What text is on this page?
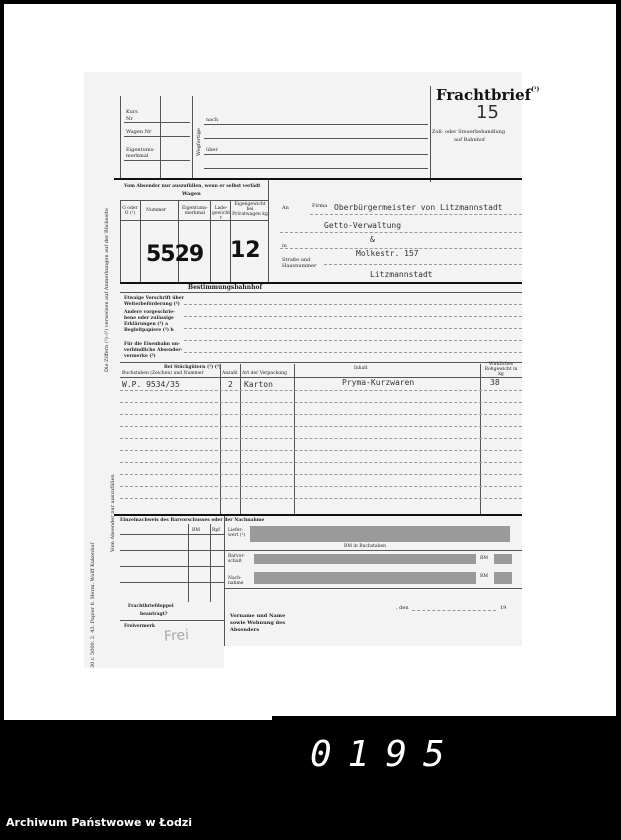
Kurs
Nr
Wagen Nr
Eigentums-
merkmal	Wegfertige
nach
über
Frachtbrief$^{(^1)}$
15
Zoll- oder Steuerbehandlung
auf Bahnhof
Vom Absender nur auszufüllen, wenn er selbst verlädt
Wagen
G oder O (¹)
Nummer	Eigentums-merkmal
Lade-gewicht t
Eigengewicht bei Privatwagen kg
5529 12
An	Firma Oberbürgermeister von Litzmannstadt
Getto-Verwaltung
&
in
Straße und
Hausnummer
Molkestr. 157
Litzmannstadt
Bestimmungsbahnhof
Etwaige Vorschrift über
Weiterbeförderung (²)
Andere vorgeschrie-
bene oder zulässige
Erklärungen (²) a
Begleitpapiere (²) b
Für die Eisenbahn un-
verbindliche Absender-
vermerke (²)
Bei Stückgütern (¹) (²)
Buchstaben (Zeichen) und Nummer	Anzahl Art der Verpackung
Inhalt
Wirkliches Rohgewicht in kg
W.P. 9534/35	2 Karton	Pryma-Kurzwaren	38
Einzelnachweis des Barvorschusses oder der Nachnahme
RM	Rpf Liefer-wert (²)
RM in Buchstaben
Barvor-schuß
RM
Nach-nahme
RM
Frachtbriefdoppel
beantragt?
Freivermerk
Frei
Vorname und Name
sowie Wohnung des
Absenders
, den	19
Die Ziffern (¹)–(⁵) verweisen auf Anmerkungen auf der Rückseite
Vom Absender nur auszufüllen
30 r. 5000. 2. 43. Papier 6. Herm. Wolff Kukenhof
0195
Archiwum Państwowe w Łodzi
